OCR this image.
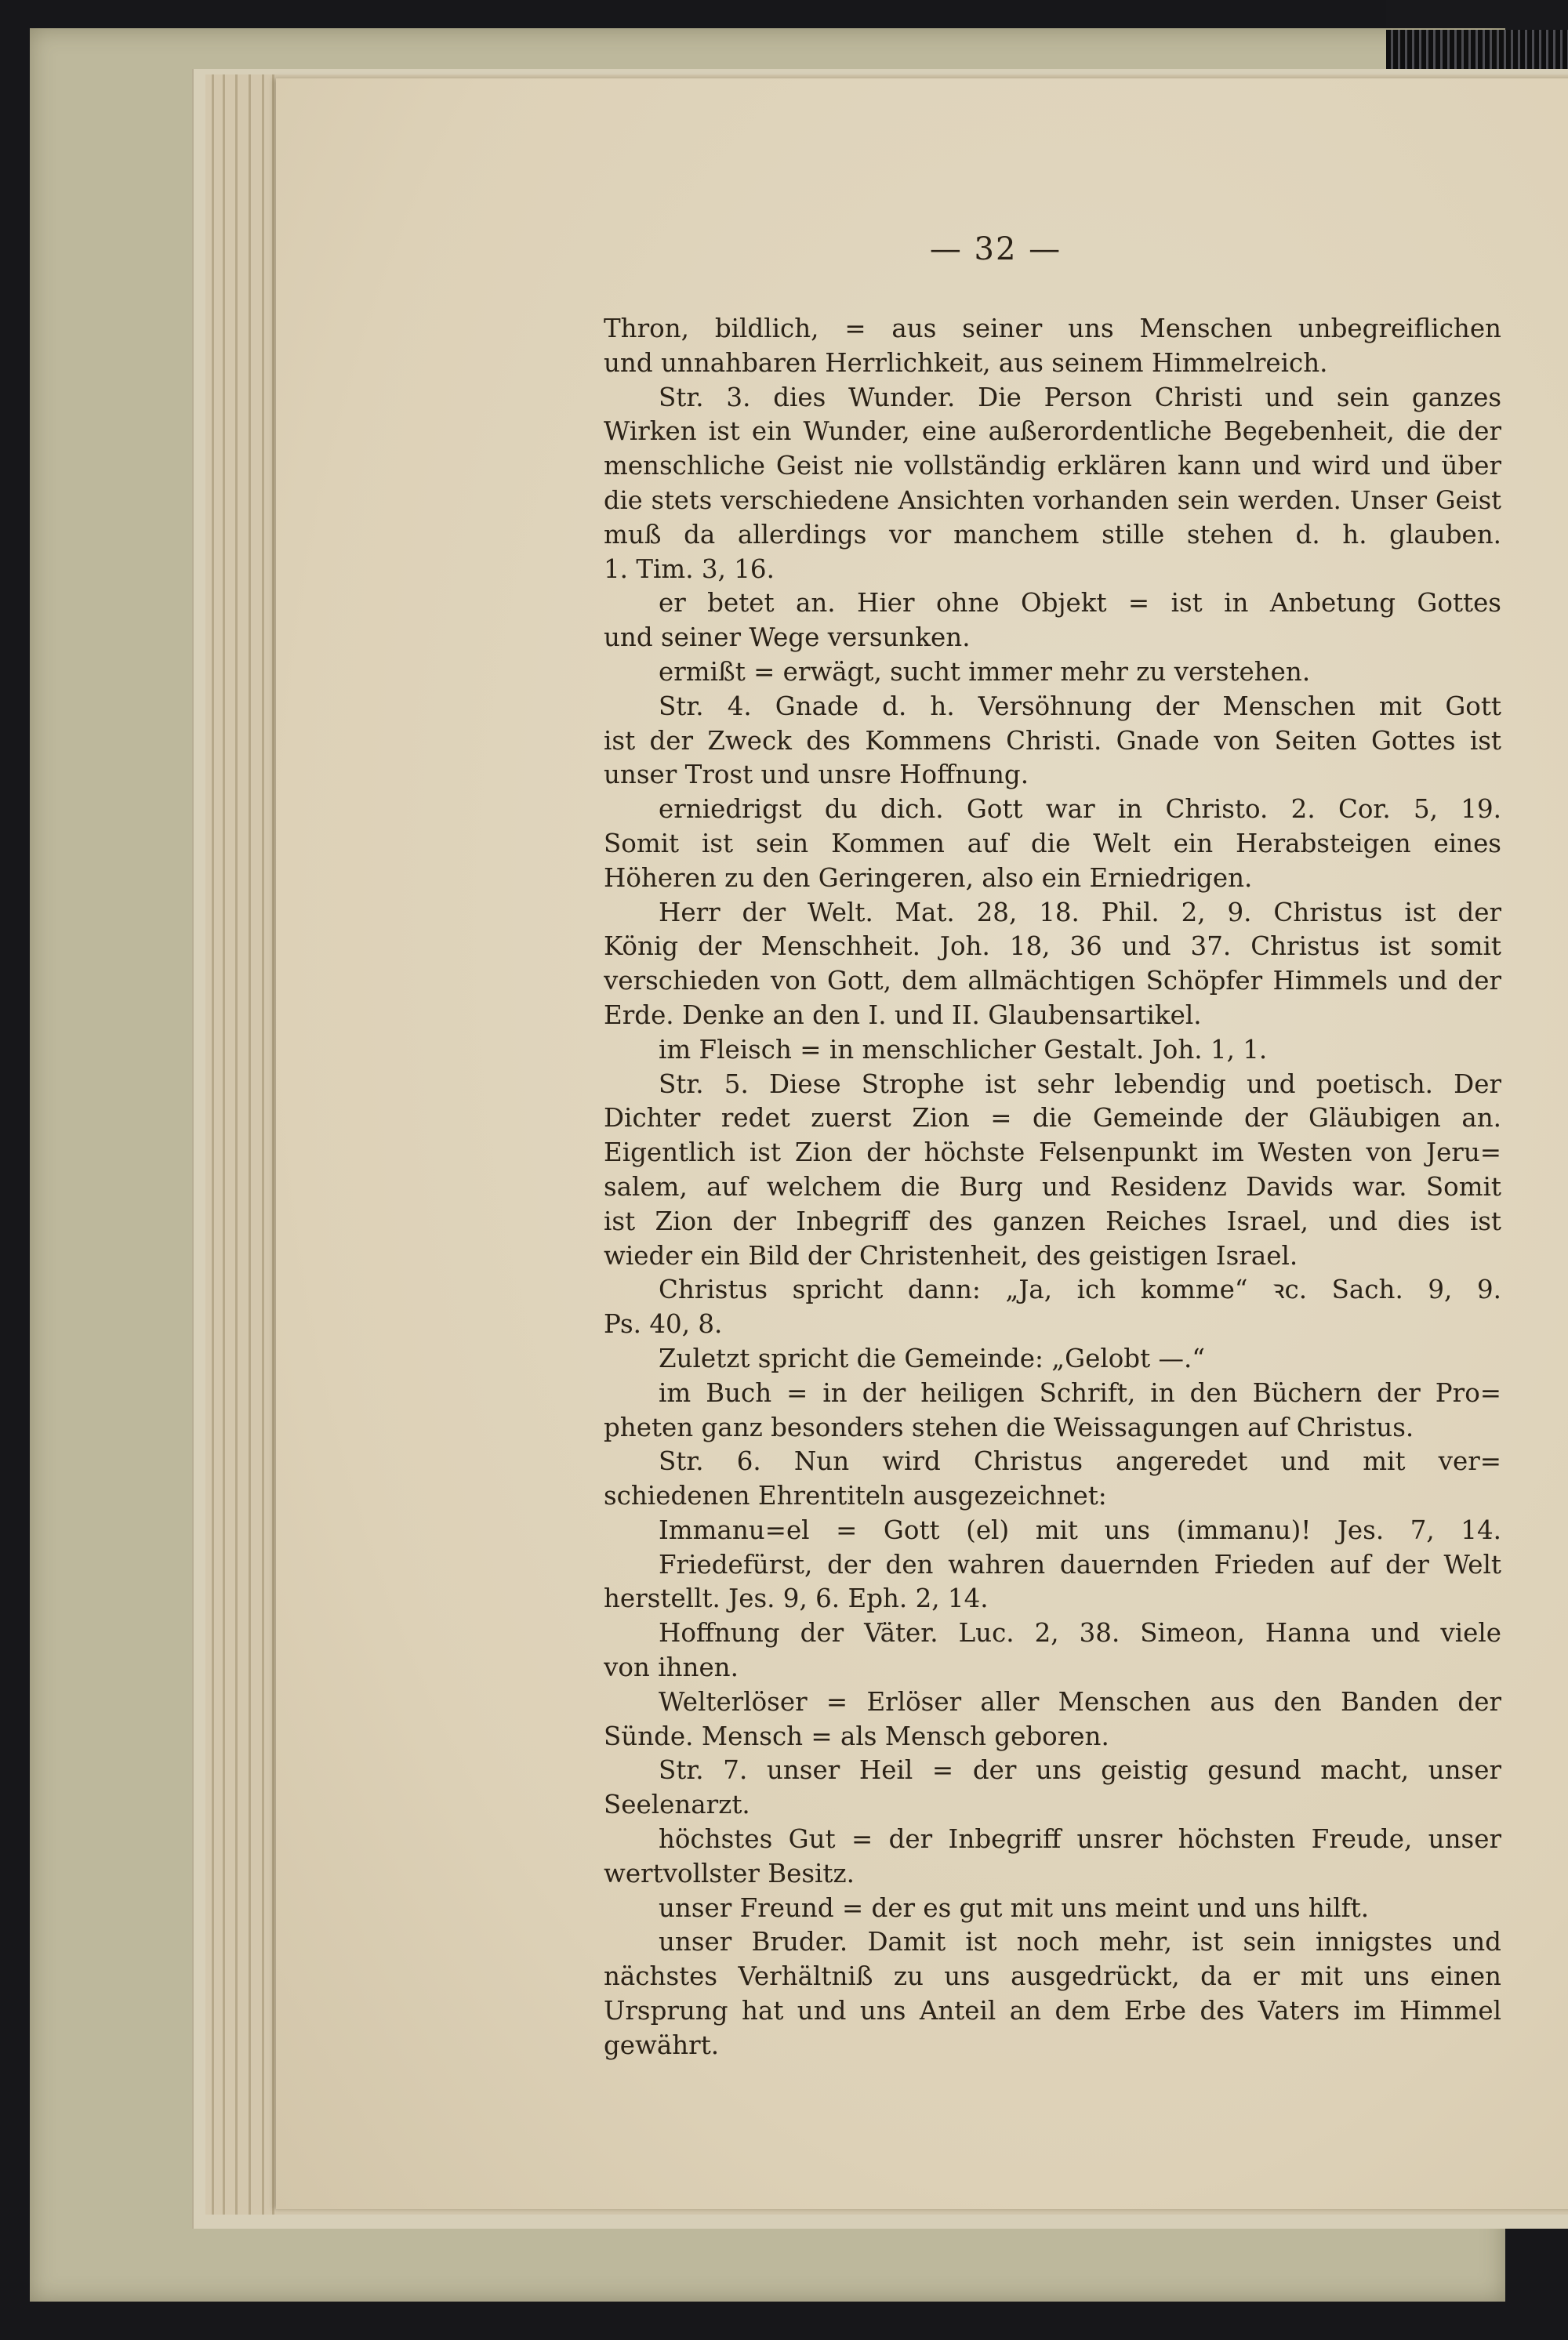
— 32 —
Thron, bildlich, = aus seiner uns Menschen unbegreiflichen
und unnahbaren Herrlichkeit, aus seinem Himmelreich.
Str. 3. dies Wunder. Die Person Christi und sein ganzes
Wirken ist ein Wunder, eine außerordentliche Begebenheit, die der
menschliche Geist nie vollständig erklären kann und wird und über
die stets verschiedene Ansichten vorhanden sein werden. Unser Geist
muß da allerdings vor manchem stille stehen d. h. glauben.
1. Tim. 3, 16.
er betet an. Hier ohne Objekt = ist in Anbetung Gottes
und seiner Wege versunken.
ermißt = erwägt, sucht immer mehr zu verstehen.
Str. 4. Gnade d. h. Versöhnung der Menschen mit Gott
ist der Zweck des Kommens Christi. Gnade von Seiten Gottes ist
unser Trost und unsre Hoffnung.
erniedrigst du dich. Gott war in Christo. 2. Cor. 5, 19.
Somit ist sein Kommen auf die Welt ein Herabsteigen eines
Höheren zu den Geringeren, also ein Erniedrigen.
Herr der Welt. Mat. 28, 18. Phil. 2, 9. Christus ist der
König der Menschheit. Joh. 18, 36 und 37. Christus ist somit
verschieden von Gott, dem allmächtigen Schöpfer Himmels und der
Erde. Denke an den I. und II. Glaubensartikel.
im Fleisch = in menschlicher Gestalt. Joh. 1, 1.
Str. 5. Diese Strophe ist sehr lebendig und poetisch. Der
Dichter redet zuerst Zion = die Gemeinde der Gläubigen an.
Eigentlich ist Zion der höchste Felsenpunkt im Westen von Jeru=
salem, auf welchem die Burg und Residenz Davids war. Somit
ist Zion der Inbegriff des ganzen Reiches Israel, und dies ist
wieder ein Bild der Christenheit, des geistigen Israel.
Christus spricht dann: „Ja, ich komme“ ꝛc. Sach. 9, 9.
Ps. 40, 8.
Zuletzt spricht die Gemeinde: „Gelobt —.“
im Buch = in der heiligen Schrift, in den Büchern der Pro=
pheten ganz besonders stehen die Weissagungen auf Christus.
Str. 6. Nun wird Christus angeredet und mit ver=
schiedenen Ehrentiteln ausgezeichnet:
Immanu=el = Gott (el) mit uns (immanu)! Jes. 7, 14.
Friedefürst, der den wahren dauernden Frieden auf der Welt
herstellt. Jes. 9, 6. Eph. 2, 14.
Hoffnung der Väter. Luc. 2, 38. Simeon, Hanna und viele
von ihnen.
Welterlöser = Erlöser aller Menschen aus den Banden der
Sünde. Mensch = als Mensch geboren.
Str. 7. unser Heil = der uns geistig gesund macht, unser
Seelenarzt.
höchstes Gut = der Inbegriff unsrer höchsten Freude, unser
wertvollster Besitz.
unser Freund = der es gut mit uns meint und uns hilft.
unser Bruder. Damit ist noch mehr, ist sein innigstes und
nächstes Verhältniß zu uns ausgedrückt, da er mit uns einen
Ursprung hat und uns Anteil an dem Erbe des Vaters im Himmel
gewährt.
